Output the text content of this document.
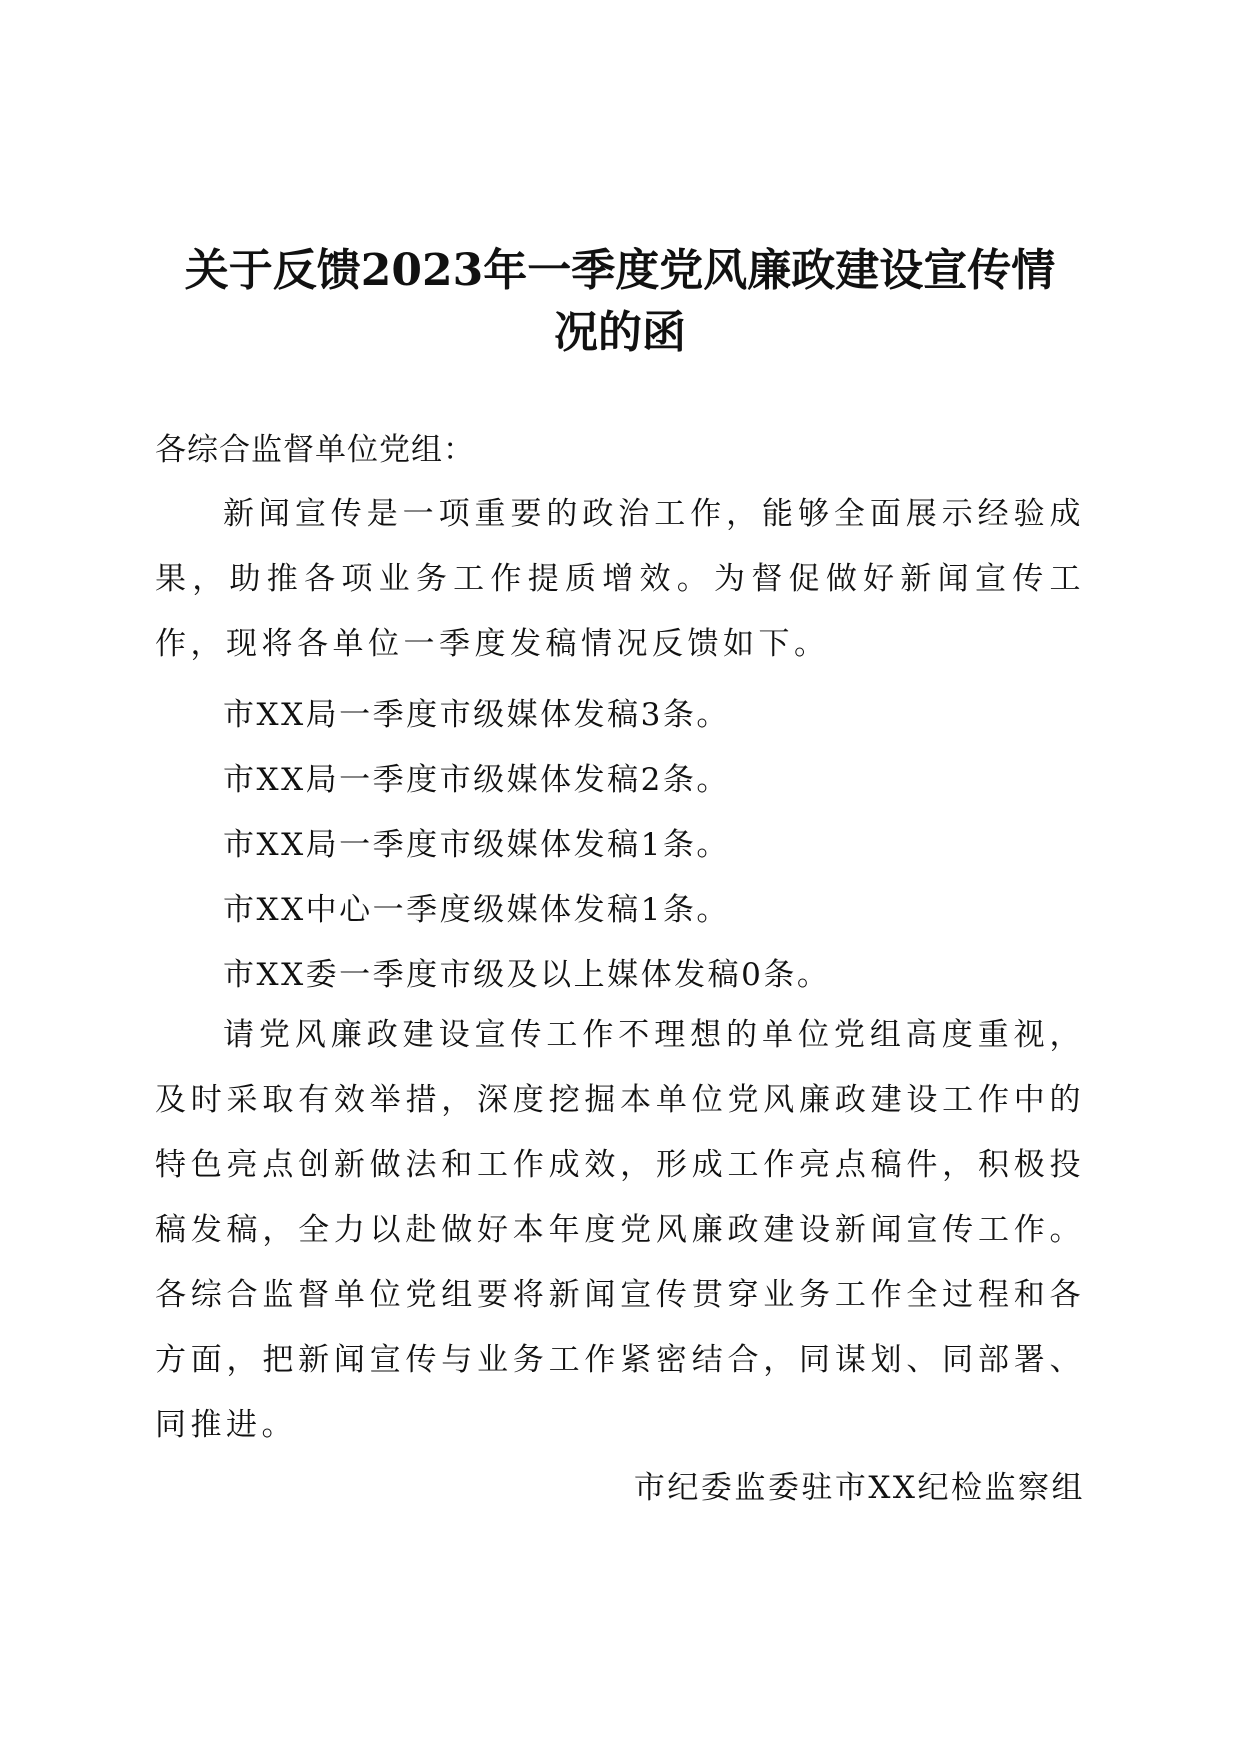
关于反馈2023年一季度党风廉政建设宣传情
况的函
各综合监督单位党组：

新闻宣传是一项重要的政治工作，能够全面展示经验成果，助推各项业务工作提质增效。为督促做好新闻宣传工作，现将各单位一季度发稿情况反馈如下。

市XX局一季度市级媒体发稿3条。
市XX局一季度市级媒体发稿2条。
市XX局一季度市级媒体发稿1条。
市XX中心一季度级媒体发稿1条。
市XX委一季度市级及以上媒体发稿0条。

请党风廉政建设宣传工作不理想的单位党组高度重视，及时采取有效举措，深度挖掘本单位党风廉政建设工作中的特色亮点创新做法和工作成效，形成工作亮点稿件，积极投稿发稿，全力以赴做好本年度党风廉政建设新闻宣传工作。各综合监督单位党组要将新闻宣传贯穿业务工作全过程和各方面，把新闻宣传与业务工作紧密结合，同谋划、同部署、同推进。

市纪委监委驻市XX纪检监察组
